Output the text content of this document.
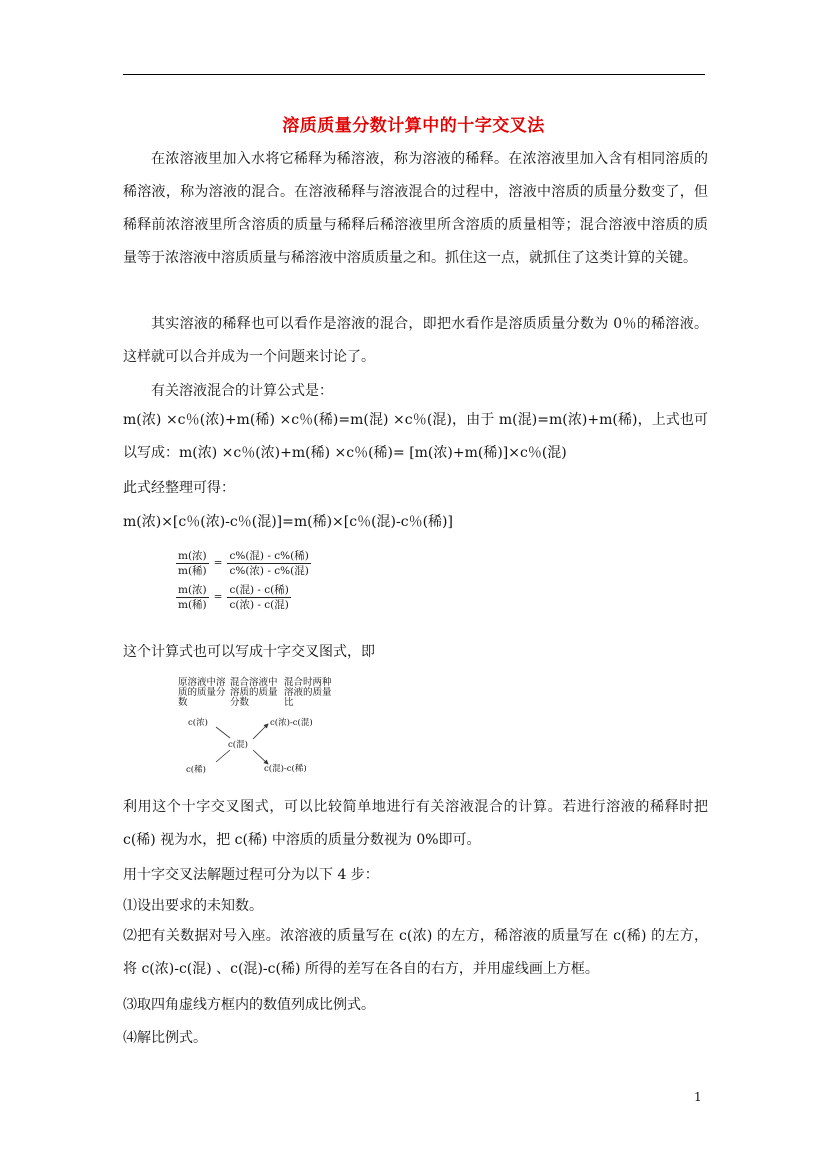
溶质质量分数计算中的十字交叉法
在浓溶液里加入水将它稀释为稀溶液，称为溶液的稀释。在浓溶液里加入含有相同溶质的稀溶液，称为溶液的混合。在溶液稀释与溶液混合的过程中，溶液中溶质的质量分数变了，但稀释前浓溶液里所含溶质的质量与稀释后稀溶液里所含溶质的质量相等；混合溶液中溶质的质量等于浓溶液中溶质质量与稀溶液中溶质质量之和。抓住这一点，就抓住了这类计算的关键。
其实溶液的稀释也可以看作是溶液的混合，即把水看作是溶质质量分数为 0％的稀溶液。这样就可以合并成为一个问题来讨论了。
有关溶液混合的计算公式是：
m(浓) ×c％(浓)+m(稀) ×c％(稀)=m(混) ×c％(混)，由于 m(混)=m(浓)+m(稀)，上式也可以写成：m(浓) ×c％(浓)+m(稀) ×c％(稀)= [m(浓)+m(稀)]×c％(混)
此式经整理可得：
m(浓)×[c％(浓)-c％(混)]=m(稀)×[c％(混)-c％(稀)]
m(浓)
m(稀)
=
c%(混) - c%(稀)
c%(浓) - c%(混)
m(浓)
m(稀)
=
c(混) - c(稀)
c(浓) - c(混)
这个计算式也可以写成十字交叉图式，即
原溶液中溶质的质量分数
混合溶液中溶质的质量分数
混合时两种溶液的质量比
c(浓)
c(混)
c(稀)
c(浓)-c(混)
c(混)-c(稀)
利用这个十字交叉图式，可以比较简单地进行有关溶液混合的计算。若进行溶液的稀释时把 c(稀) 视为水，把 c(稀) 中溶质的质量分数视为 0%即可。
用十字交叉法解题过程可分为以下 4 步：
⑴设出要求的未知数。
⑵把有关数据对号入座。浓溶液的质量写在 c(浓) 的左方，稀溶液的质量写在 c(稀) 的左方，将 c(浓)-c(混) 、c(混)-c(稀) 所得的差写在各自的右方，并用虚线画上方框。
⑶取四角虚线方框内的数值列成比例式。
⑷解比例式。
1
